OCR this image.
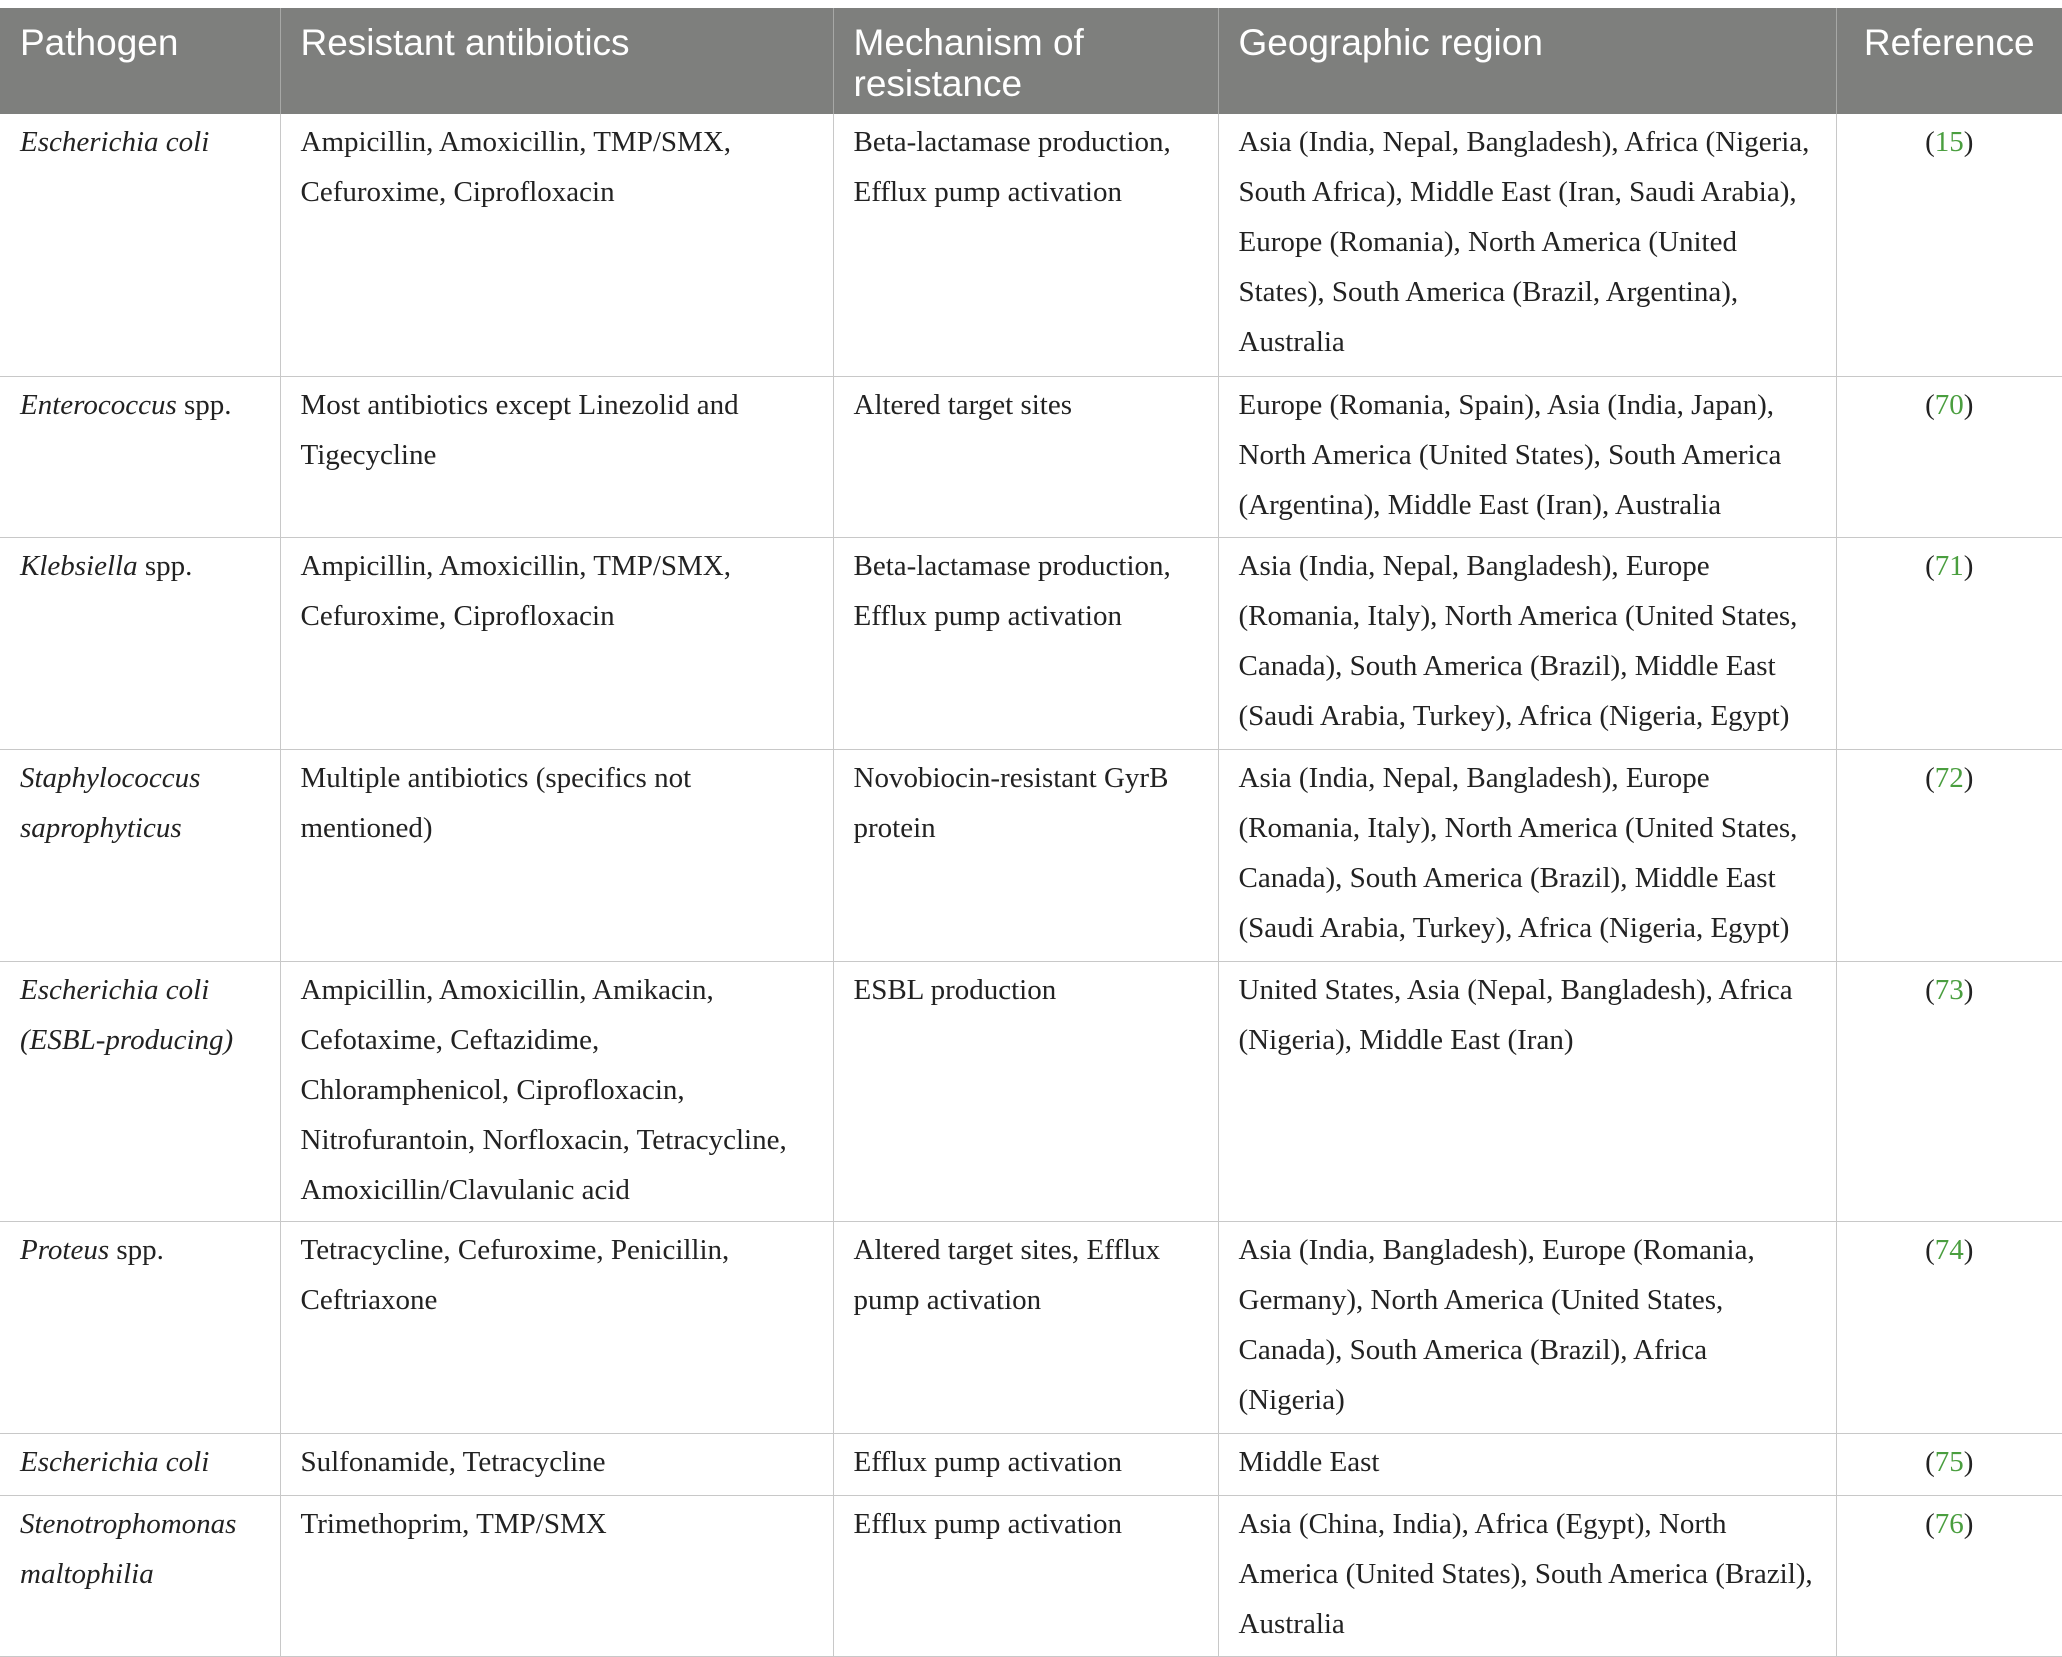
Pathogen	Resistant antibiotics	Mechanism of resistance	Geographic region	Reference
Escherichia coli	Ampicillin, Amoxicillin, TMP/SMX, Cefuroxime, Ciprofloxacin	Beta-lactamase production, Efflux pump activation	Asia (India, Nepal, Bangladesh), Africa (Nigeria, South Africa), Middle East (Iran, Saudi Arabia), Europe (Romania), North America (United States), South America (Brazil, Argentina), Australia	(15)
Enterococcus spp.	Most antibiotics except Linezolid and Tigecycline	Altered target sites	Europe (Romania, Spain), Asia (India, Japan), North America (United States), South America (Argentina), Middle East (Iran), Australia	(70)
Klebsiella spp.	Ampicillin, Amoxicillin, TMP/SMX, Cefuroxime, Ciprofloxacin	Beta-lactamase production, Efflux pump activation	Asia (India, Nepal, Bangladesh), Europe (Romania, Italy), North America (United States, Canada), South America (Brazil), Middle East (Saudi Arabia, Turkey), Africa (Nigeria, Egypt)	(71)
Staphylococcus saprophyticus	Multiple antibiotics (specifics not mentioned)	Novobiocin-resistant GyrB protein	Asia (India, Nepal, Bangladesh), Europe (Romania, Italy), North America (United States, Canada), South America (Brazil), Middle East (Saudi Arabia, Turkey), Africa (Nigeria, Egypt)	(72)
Escherichia coli (ESBL-producing)	Ampicillin, Amoxicillin, Amikacin, Cefotaxime, Ceftazidime, Chloramphenicol, Ciprofloxacin, Nitrofurantoin, Norfloxacin, Tetracycline, Amoxicillin/Clavulanic acid	ESBL production	United States, Asia (Nepal, Bangladesh), Africa (Nigeria), Middle East (Iran)	(73)
Proteus spp.	Tetracycline, Cefuroxime, Penicillin, Ceftriaxone	Altered target sites, Efflux pump activation	Asia (India, Bangladesh), Europe (Romania, Germany), North America (United States, Canada), South America (Brazil), Africa (Nigeria)	(74)
Escherichia coli	Sulfonamide, Tetracycline	Efflux pump activation	Middle East	(75)
Stenotrophomonas maltophilia	Trimethoprim, TMP/SMX	Efflux pump activation	Asia (China, India), Africa (Egypt), North America (United States), South America (Brazil), Australia	(76)
